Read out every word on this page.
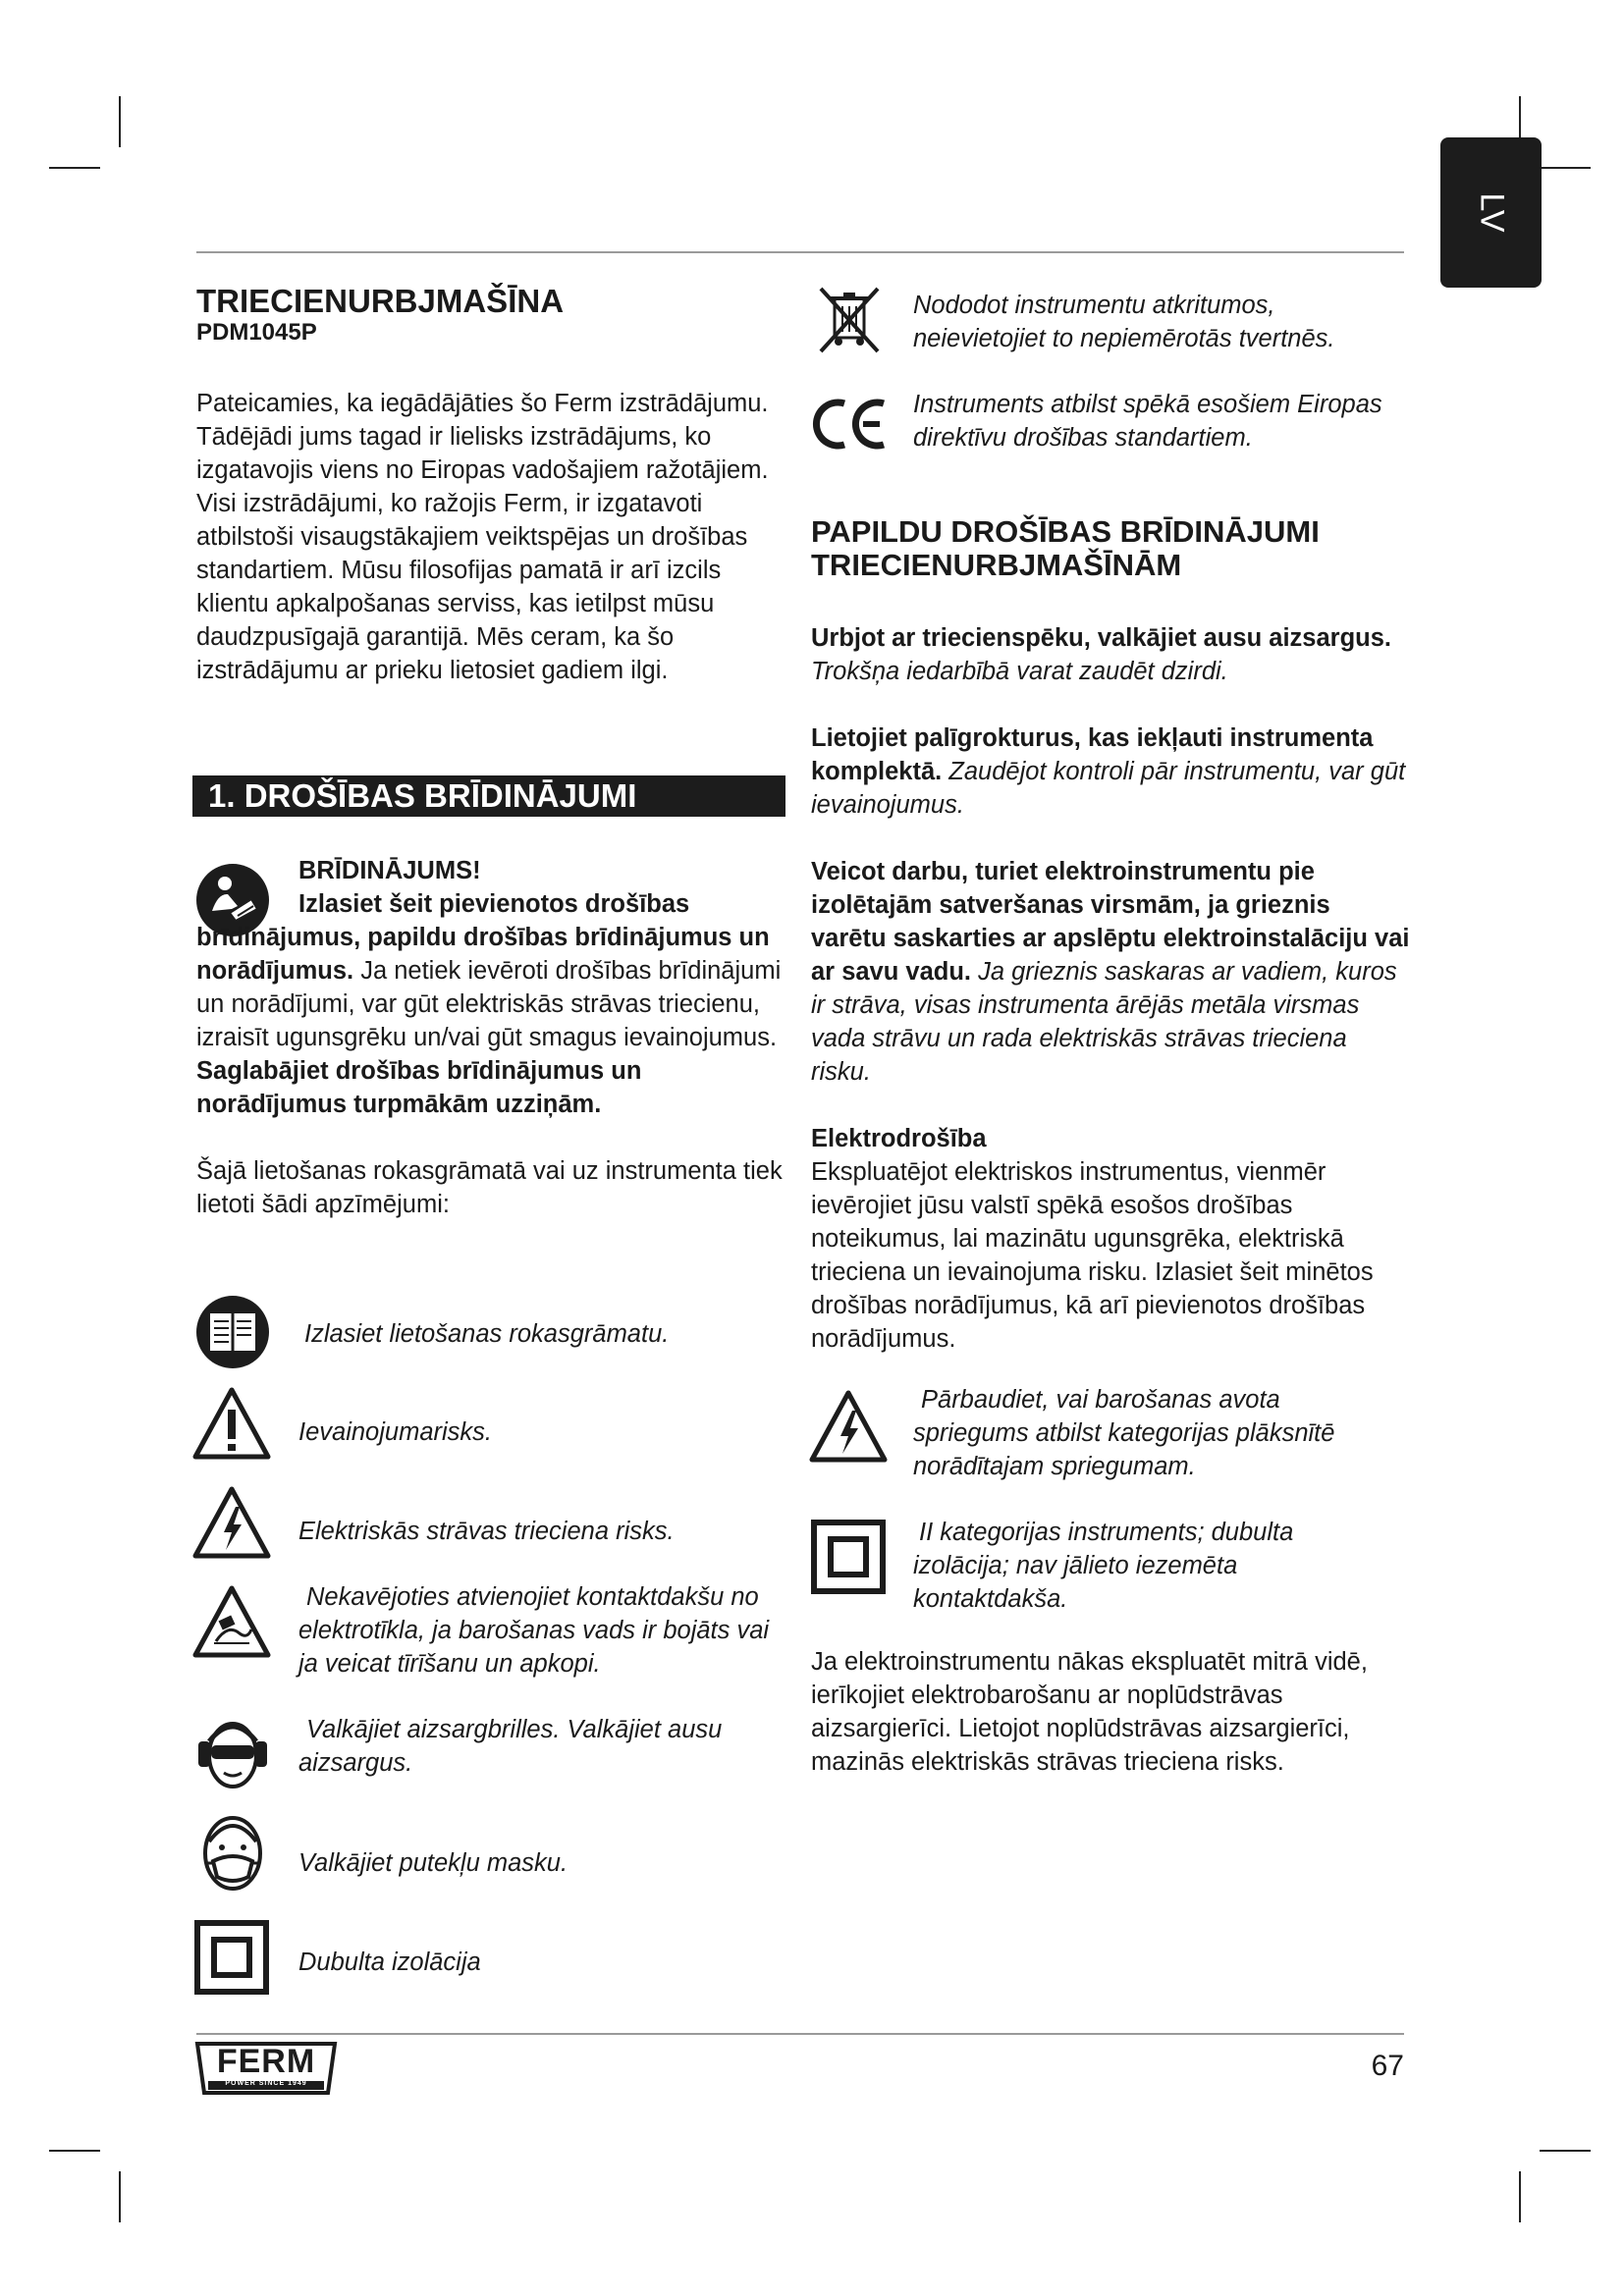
LV
TRIECIENURBJMAŠĪNA
PDM1045P

Pateicamies, ka iegādājāties šo Ferm izstrādājumu. Tādējādi jums tagad ir lielisks izstrādājums, ko izgatavojis viens no Eiropas vadošajiem ražotājiem. Visi izstrādājumi, ko ražojis Ferm, ir izgatavoti atbilstoši visaugstākajiem veiktspējas un drošības standartiem. Mūsu filosofijas pamatā ir arī izcils klientu apkalpošanas serviss, kas ietilpst mūsu daudzpusīgajā garantijā. Mēs ceram, ka šo izstrādājumu ar prieku lietosiet gadiem ilgi.

1. DROŠĪBAS BRĪDINĀJUMI

BRĪDINĀJUMS!

Izlasiet šeit pievienotos drošības brīdinājumus, papildu drošības brīdinājumus un norādījumus. Ja netiek ievēroti drošības brīdinājumi un norādījumi, var gūt elektriskās strāvas triecienu, izraisīt ugunsgrēku un/vai gūt smagus ievainojumus. Saglabājiet drošības brīdinājumus un norādījumus turpmākām uzziņām.

Šajā lietošanas rokasgrāmatā vai uz instrumenta tiek lietoti šādi apzīmējumi:

Izlasiet lietošanas rokasgrāmatu.
Ievainojumarisks.
Elektriskās strāvas trieciena risks.
Nekavējoties atvienojiet kontaktdakšu no elektrotīkla, ja barošanas vads ir bojāts vai ja veicat tīrīšanu un apkopi.
Valkājiet aizsargbrilles. Valkājiet ausu aizsargus.
Valkājiet putekļu masku.
Dubulta izolācija
Nododot instrumentu atkritumos, neievietojiet to nepiemērotās tvertnēs.
Instruments atbilst spēkā esošiem Eiropas direktīvu drošības standartiem.
PAPILDU DROŠĪBAS BRĪDINĀJUMI
TRIECIENURBJMAŠĪNĀM

Urbjot ar triecienspēku, valkājiet ausu aizsargus. Trokšņa iedarbībā varat zaudēt dzirdi.

Lietojiet palīgrokturus, kas iekļauti instrumenta komplektā. Zaudējot kontroli pār instrumentu, var gūt ievainojumus.

Veicot darbu, turiet elektroinstrumentu pie izolētajām satveršanas virsmām, ja grieznis varētu saskarties ar apslēptu elektroinstalāciju vai ar savu vadu. Ja grieznis saskaras ar vadiem, kuros ir strāva, visas instrumenta ārējās metāla virsmas vada strāvu un rada elektriskās strāvas trieciena risku.

Elektrodrošība

Ekspluatējot elektriskos instrumentus, vienmēr ievērojiet jūsu valstī spēkā esošos drošības noteikumus, lai mazinātu ugunsgrēka, elektriskā trieciena un ievainojuma risku. Izlasiet šeit minētos drošības norādījumus, kā arī pievienotos drošības norādījumus.

Pārbaudiet, vai barošanas avota spriegums atbilst kategorijas plāksnītē norādītajam spriegumam.
II kategorijas instruments; dubulta izolācija; nav jālieto iezemēta kontaktdakša.

Ja elektroinstrumentu nākas ekspluatēt mitrā vidē, ierīkojiet elektrobarošanu ar noplūdstrāvas aizsargierīci. Lietojot noplūdstrāvas aizsargierīci, mazinās elektriskās strāvas trieciena risks.

FERM
POWER SINCE 1949
67
